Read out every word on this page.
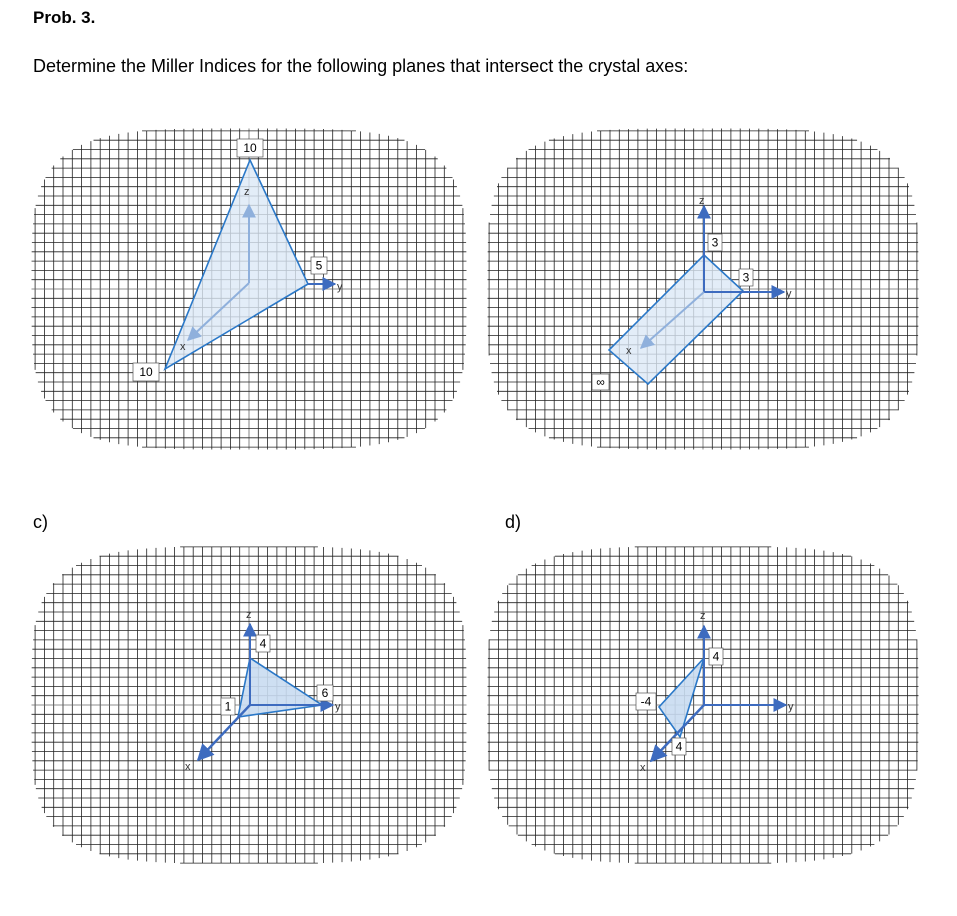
Prob. 3.
Determine the Miller Indices for the following planes that intersect the crystal axes:
c)	d)
z
x
y
10
5
10
z
y
x
3
3
∞
z
y
x
4
6
1
z
y
x
4
4
-4
